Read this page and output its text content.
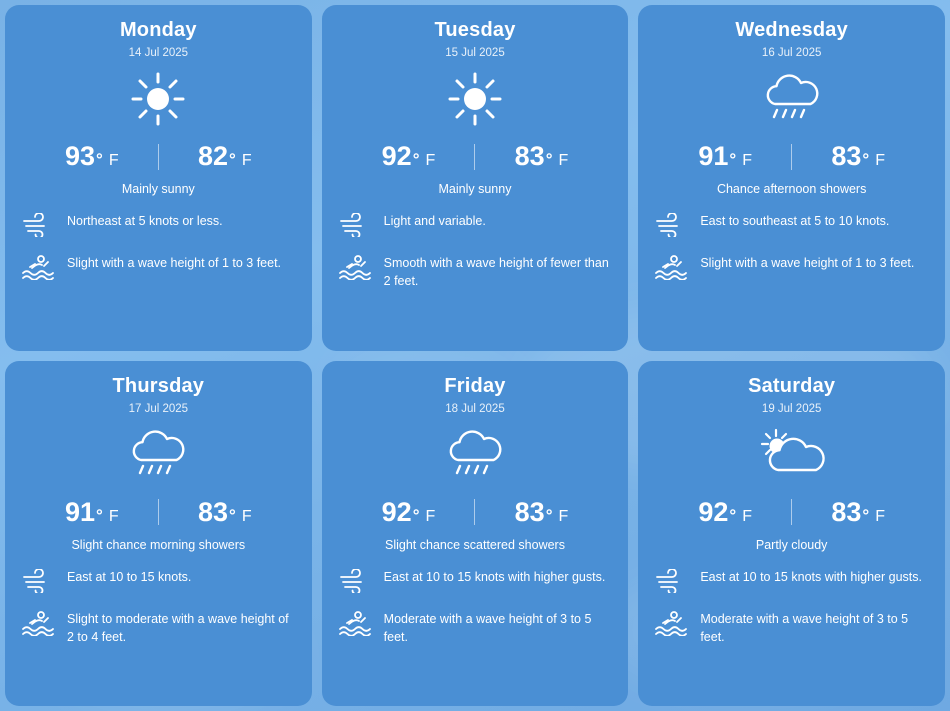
Monday
14 Jul 2025
93 ° F	82 ° F
Mainly sunny
Northeast at 5 knots or less.
Slight with a wave height of 1 to 3 feet.
Tuesday
15 Jul 2025
92 ° F	83 ° F
Mainly sunny
Light and variable.
Smooth with a wave height of fewer than 2 feet.
Wednesday
16 Jul 2025
91 ° F	83 ° F
Chance afternoon showers
East to southeast at 5 to 10 knots.
Slight with a wave height of 1 to 3 feet.
Thursday
17 Jul 2025
91 ° F	83 ° F
Slight chance morning showers
East at 10 to 15 knots.
Slight to moderate with a wave height of 2 to 4 feet.
Friday
18 Jul 2025
92 ° F	83 ° F
Slight chance scattered showers
East at 10 to 15 knots with higher gusts.
Moderate with a wave height of 3 to 5 feet.
Saturday
19 Jul 2025
92 ° F	83 ° F
Partly cloudy
East at 10 to 15 knots with higher gusts.
Moderate with a wave height of 3 to 5 feet.
